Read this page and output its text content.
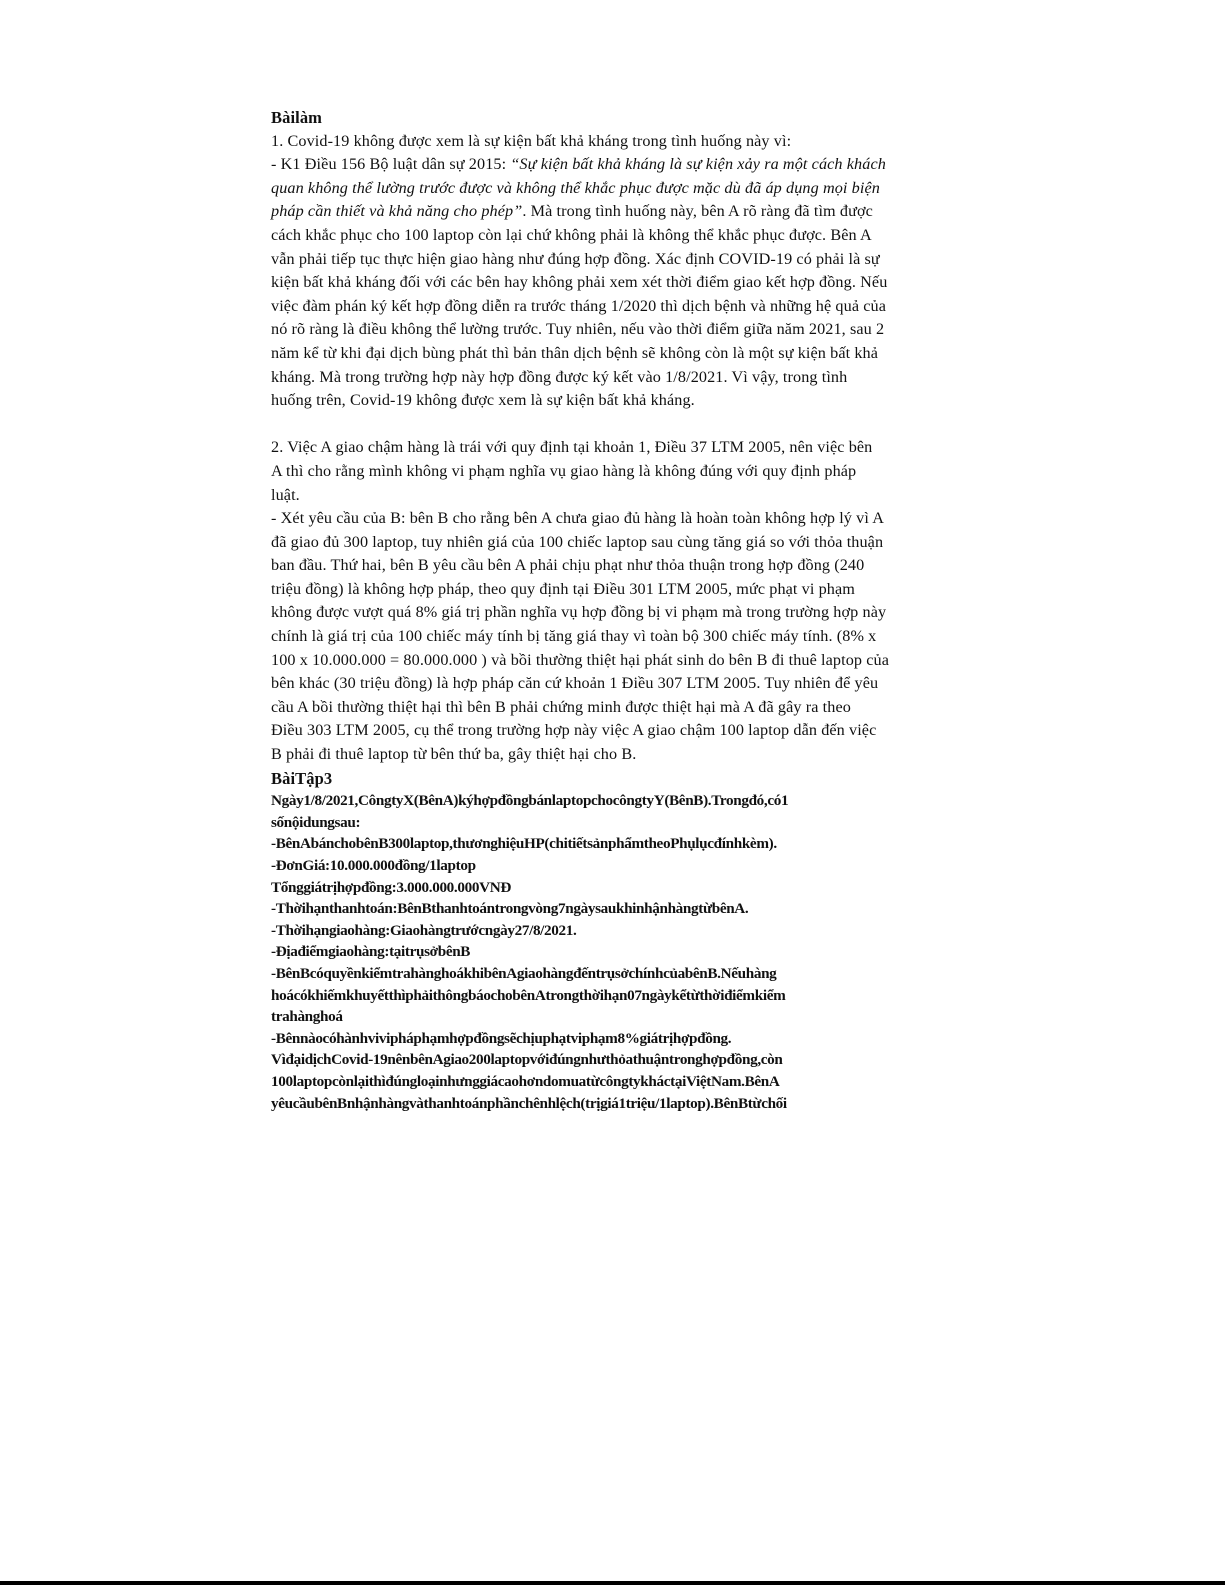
Bàilàm
1. Covid-19 không được xem là sự kiện bất khả kháng trong tình huống này vì:
- K1 Điều 156 Bộ luật dân sự 2015: “Sự kiện bất khả kháng là sự kiện xảy ra một cách khách
quan không thể lường trước được và không thể khắc phục được mặc dù đã áp dụng mọi biện
pháp cần thiết và khả năng cho phép”. Mà trong tình huống này, bên A rõ ràng đã tìm được
cách khắc phục cho 100 laptop còn lại chứ không phải là không thể khắc phục được. Bên A
vẫn phải tiếp tục thực hiện giao hàng như đúng hợp đồng. Xác định COVID-19 có phải là sự
kiện bất khả kháng đối với các bên hay không phải xem xét thời điểm giao kết hợp đồng. Nếu
việc đàm phán ký kết hợp đồng diễn ra trước tháng 1/2020 thì dịch bệnh và những hệ quả của
nó rõ ràng là điều không thể lường trước. Tuy nhiên, nếu vào thời điểm giữa năm 2021, sau 2
năm kể từ khi đại dịch bùng phát thì bản thân dịch bệnh sẽ không còn là một sự kiện bất khả
kháng. Mà trong trường hợp này hợp đồng được ký kết vào 1/8/2021. Vì vậy, trong tình
huống trên, Covid-19 không được xem là sự kiện bất khả kháng.
2. Việc A giao chậm hàng là trái với quy định tại khoản 1, Điều 37 LTM 2005, nên việc bên
A thì cho rằng mình không vi phạm nghĩa vụ giao hàng là không đúng với quy định pháp
luật.
- Xét yêu cầu của B: bên B cho rằng bên A chưa giao đủ hàng là hoàn toàn không hợp lý vì A
đã giao đủ 300 laptop, tuy nhiên giá của 100 chiếc laptop sau cùng tăng giá so với thỏa thuận
ban đầu. Thứ hai, bên B yêu cầu bên A phải chịu phạt như thỏa thuận trong hợp đồng (240
triệu đồng) là không hợp pháp, theo quy định tại Điều 301 LTM 2005, mức phạt vi phạm
không được vượt quá 8% giá trị phần nghĩa vụ hợp đồng bị vi phạm mà trong trường hợp này
chính là giá trị của 100 chiếc máy tính bị tăng giá thay vì toàn bộ 300 chiếc máy tính. (8% x
100 x 10.000.000 = 80.000.000 ) và bồi thường thiệt hại phát sinh do bên B đi thuê laptop của
bên khác (30 triệu đồng) là hợp pháp căn cứ khoản 1 Điều 307 LTM 2005. Tuy nhiên để yêu
cầu A bồi thường thiệt hại thì bên B phải chứng minh được thiệt hại mà A đã gây ra theo
Điều 303 LTM 2005, cụ thể trong trường hợp này việc A giao chậm 100 laptop dẫn đến việc
B phải đi thuê laptop từ bên thứ ba, gây thiệt hại cho B.
BàiTập3
Ngày1/8/2021,CôngtyX(BênA)kýhợpđồngbánlaptopchocôngtyY(BênB).Trongđó,có1
sốnộidungsau:
-BênAbánchobênB300laptop,thươnghiệuHP(chitiếtsảnphẩmtheoPhụlụcđínhkèm).
-ĐơnGiá:10.000.000đồng/1laptop
Tổnggiátrịhợpđồng:3.000.000.000VNĐ
-Thờihạnthanhtoán:BênBthanhtoántrongvòng7ngàysaukhinhậnhàngtừbênA.
-Thờihạngiaohàng:Giaohàngtrướcngày27/8/2021.
-Địađiểmgiaohàng:tạitrụsởbênB
-BênBcóquyềnkiểmtrahànghoákhibênAgiaohàngđếntrụsởchínhcủabênB.Nếuhàng
hoácókhiếmkhuyếtthìphảithôngbáochobênAtrongthờihạn07ngàykểtừthờiđiểmkiểm
trahànghoá
-Bênnàocóhànhvivipháphạmhợpđồngsẽchịuphạtviphạm8%giátrịhợpđồng.
VìđạidịchCovid-19nênbênAgiao200laptopvớiđúngnhưthỏathuậntronghợpđồng,còn
100laptopcònlạithìđúngloạinhưnggiácaohơndomuatừcôngtykháctạiViệtNam.BênA
yêucầubênBnhậnhàngvàthanhtoánphầnchênhlệch(trịgiá1triệu/1laptop).BênBtừchối
